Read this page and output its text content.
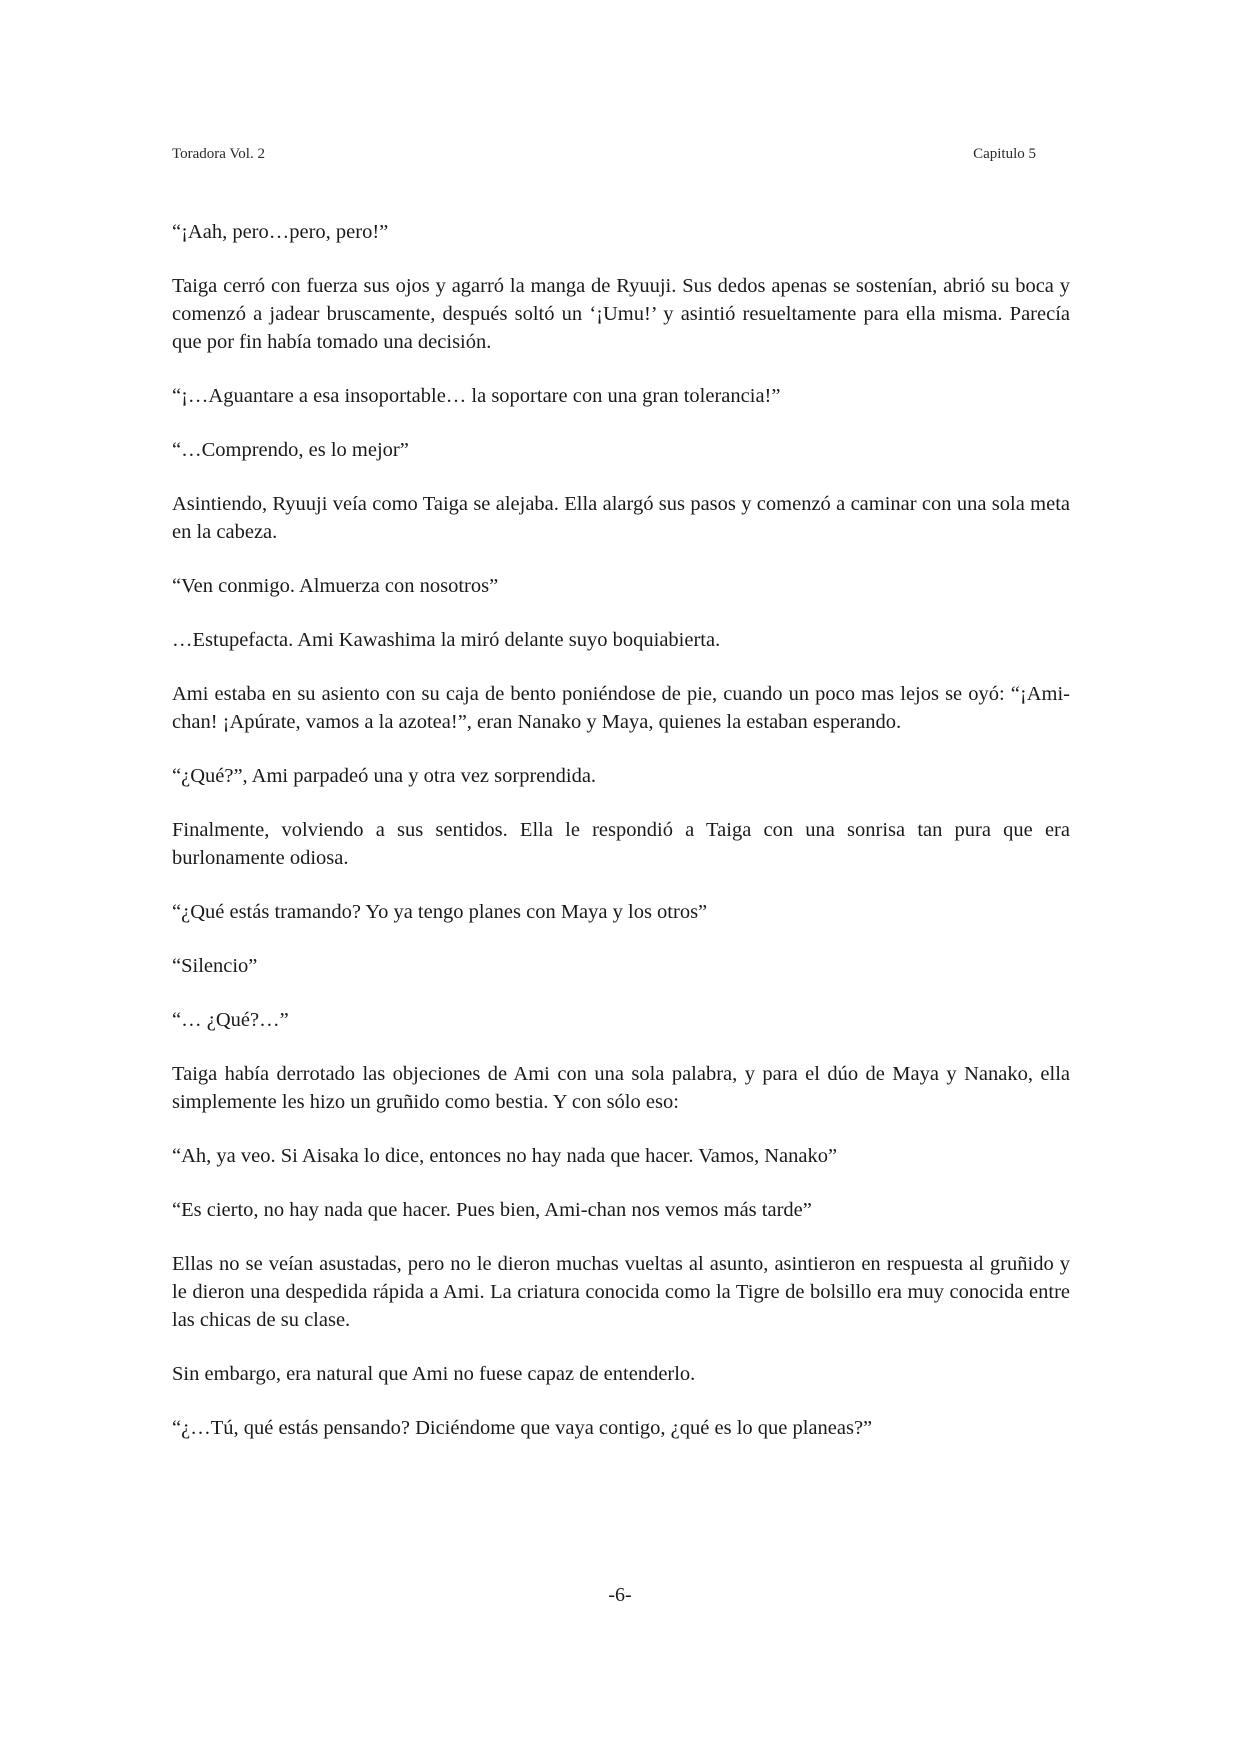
Toradora Vol. 2	Capitulo 5

“¡Aah, pero…pero, pero!”

Taiga cerró con fuerza sus ojos y agarró la manga de Ryuuji. Sus dedos apenas se sostenían, abrió su boca y comenzó a jadear bruscamente, después soltó un ‘¡Umu!’ y asintió resueltamente para ella misma. Parecía que por fin había tomado una decisión.

“¡…Aguantare a esa insoportable… la soportare con una gran tolerancia!”

“…Comprendo, es lo mejor”

Asintiendo, Ryuuji veía como Taiga se alejaba. Ella alargó sus pasos y comenzó a caminar con una sola meta en la cabeza.

“Ven conmigo. Almuerza con nosotros”

…Estupefacta. Ami Kawashima la miró delante suyo boquiabierta.

Ami estaba en su asiento con su caja de bento poniéndose de pie, cuando un poco mas lejos se oyó: “¡Ami-chan! ¡Apúrate, vamos a la azotea!”, eran Nanako y Maya, quienes la estaban esperando.

“¿Qué?”, Ami parpadeó una y otra vez sorprendida.

Finalmente, volviendo a sus sentidos. Ella le respondió a Taiga con una sonrisa tan pura que era burlonamente odiosa.

“¿Qué estás tramando? Yo ya tengo planes con Maya y los otros”

“Silencio”

“… ¿Qué?…”

Taiga había derrotado las objeciones de Ami con una sola palabra, y para el dúo de Maya y Nanako, ella simplemente les hizo un gruñido como bestia. Y con sólo eso:

“Ah, ya veo. Si Aisaka lo dice, entonces no hay nada que hacer. Vamos, Nanako”

“Es cierto, no hay nada que hacer. Pues bien, Ami-chan nos vemos más tarde”

Ellas no se veían asustadas, pero no le dieron muchas vueltas al asunto, asintieron en respuesta al gruñido y le dieron una despedida rápida a Ami. La criatura conocida como la Tigre de bolsillo era muy conocida entre las chicas de su clase.

Sin embargo, era natural que Ami no fuese capaz de entenderlo.

“¿…Tú, qué estás pensando? Diciéndome que vaya contigo, ¿qué es lo que planeas?”

-6-
